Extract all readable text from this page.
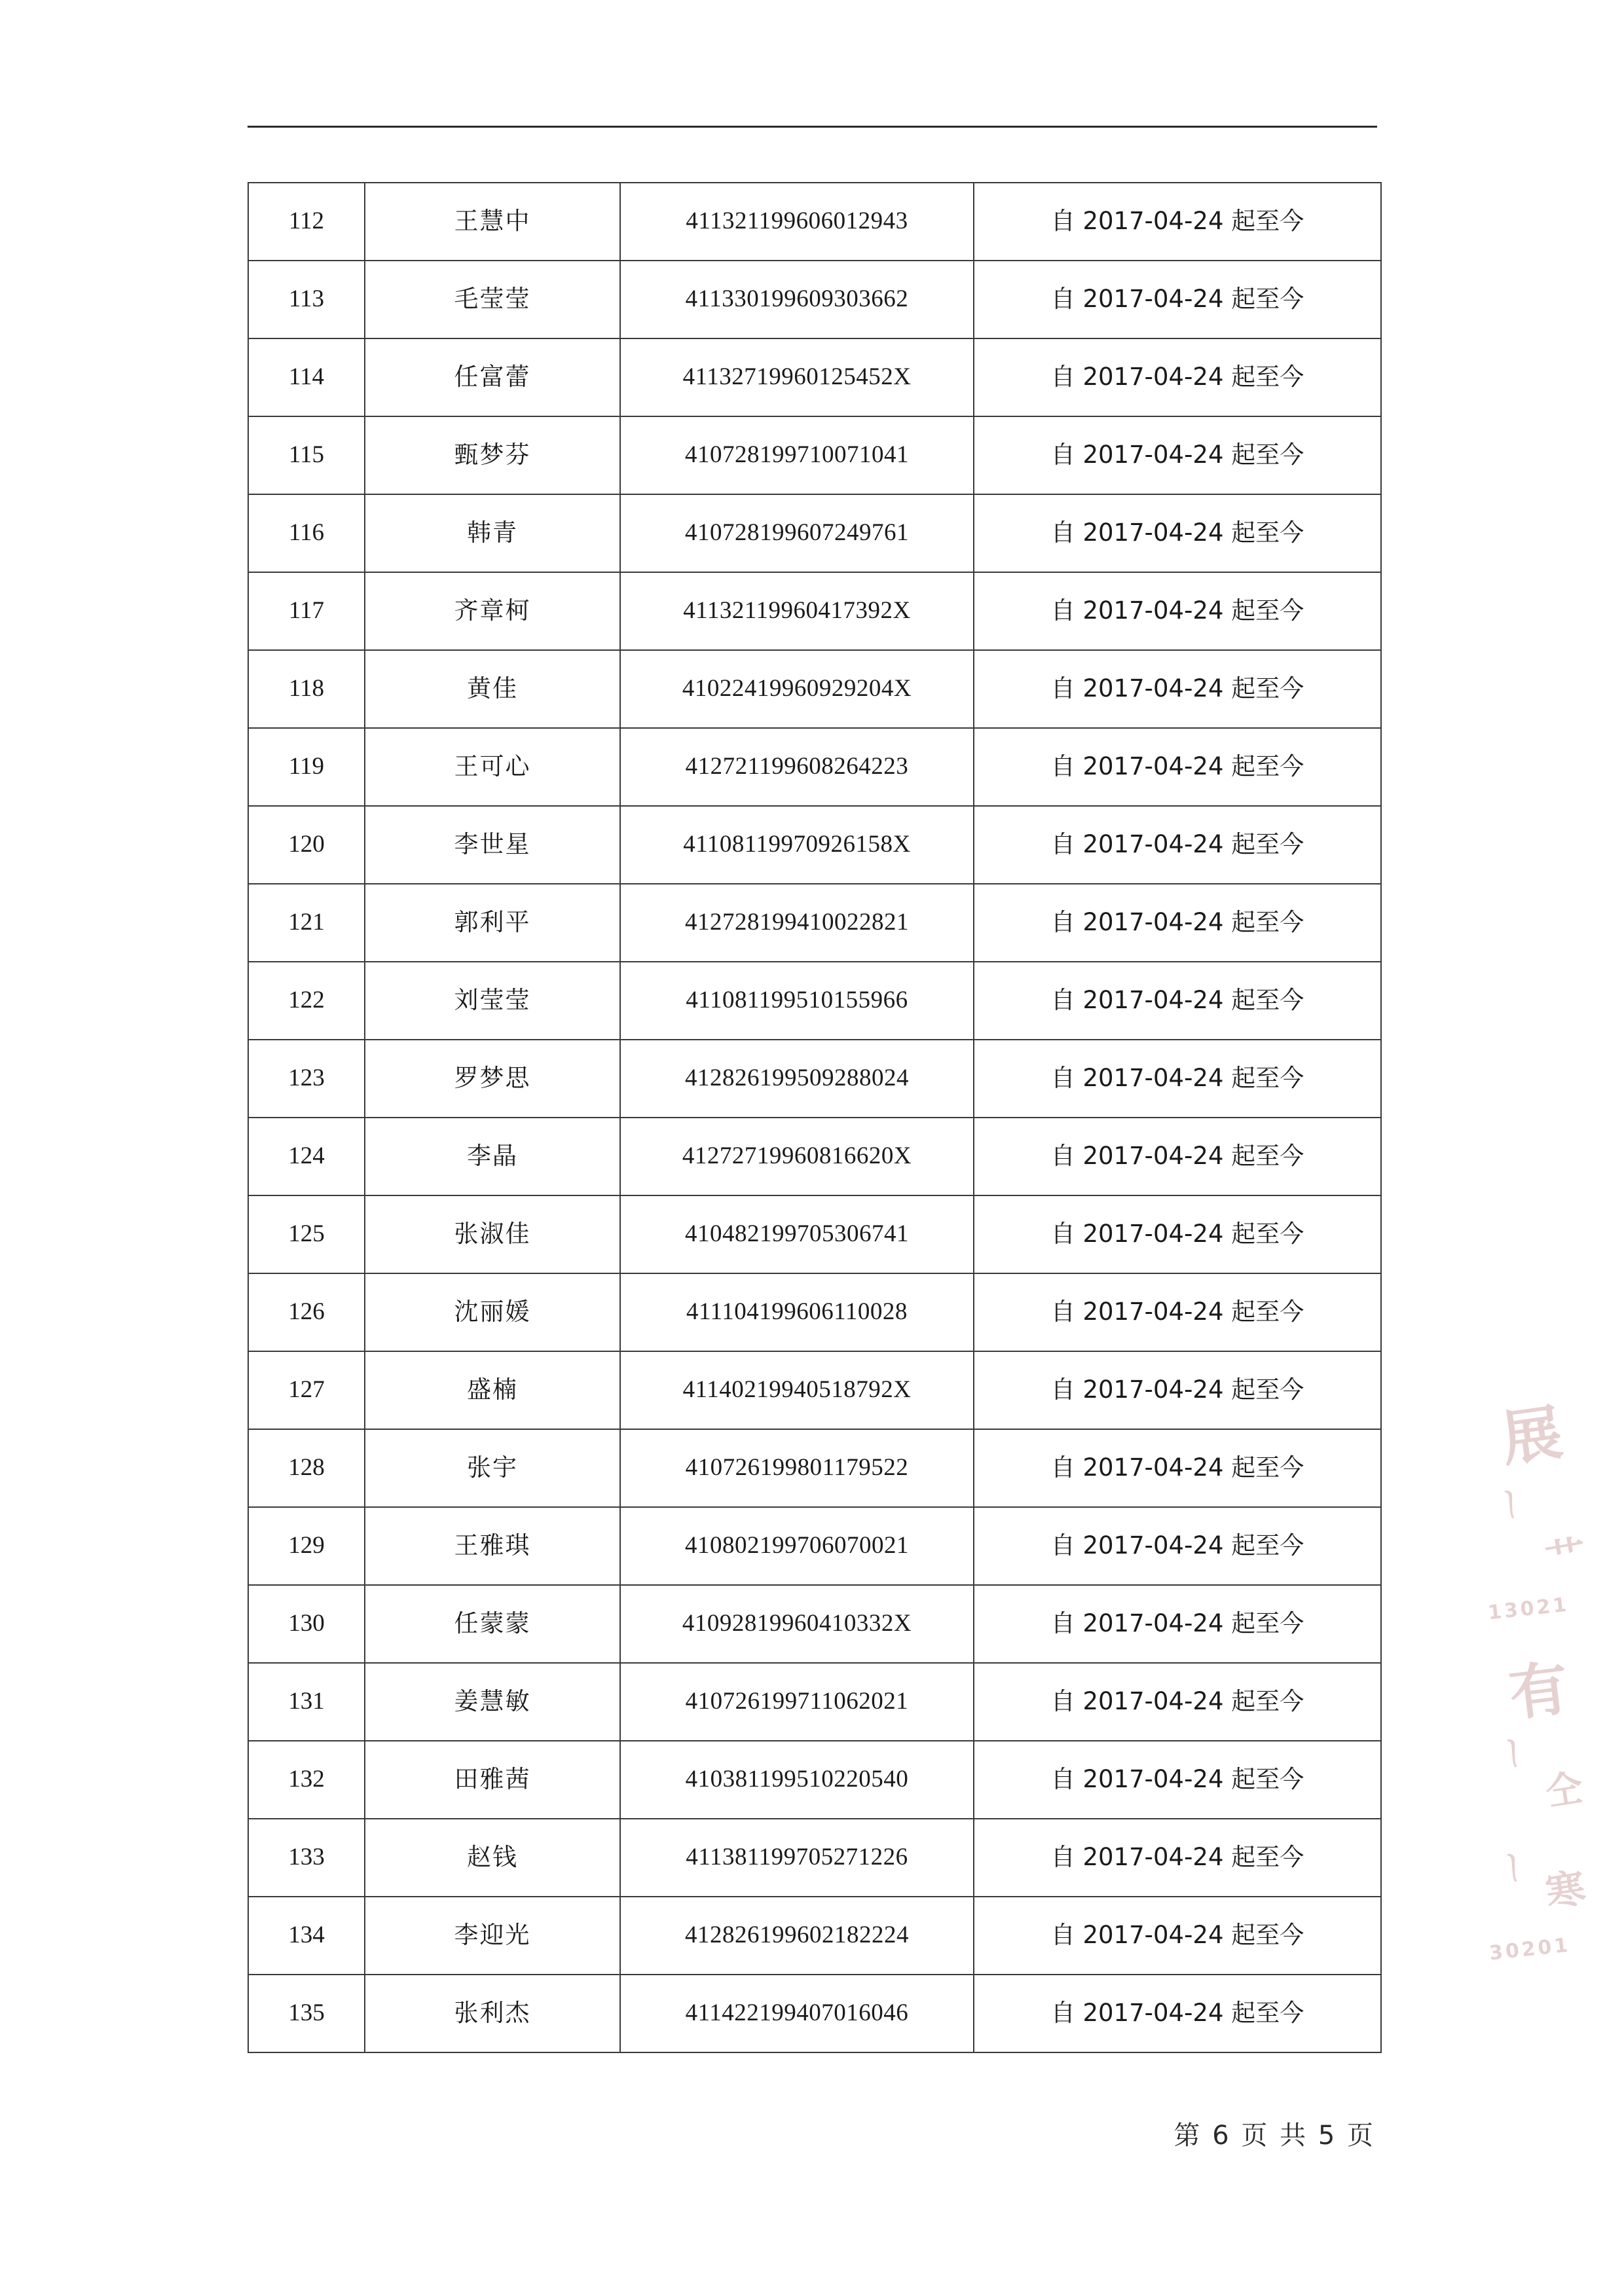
112	王慧中	411321199606012943	自 2017-04-24 起至今
113	毛莹莹	411330199609303662	自 2017-04-24 起至今
114	任富蕾	41132719960125452X	自 2017-04-24 起至今
115	甄梦芬	410728199710071041	自 2017-04-24 起至今
116	韩青	410728199607249761	自 2017-04-24 起至今
117	齐章柯	41132119960417392X	自 2017-04-24 起至今
118	黄佳	41022419960929204X	自 2017-04-24 起至今
119	王可心	412721199608264223	自 2017-04-24 起至今
120	李世星	41108119970926158X	自 2017-04-24 起至今
121	郭利平	412728199410022821	自 2017-04-24 起至今
122	刘莹莹	411081199510155966	自 2017-04-24 起至今
123	罗梦思	412826199509288024	自 2017-04-24 起至今
124	李晶	41272719960816620X	自 2017-04-24 起至今
125	张淑佳	410482199705306741	自 2017-04-24 起至今
126	沈丽媛	411104199606110028	自 2017-04-24 起至今
127	盛楠	41140219940518792X	自 2017-04-24 起至今
128	张宇	410726199801179522	自 2017-04-24 起至今
129	王雅琪	410802199706070021	自 2017-04-24 起至今
130	任蒙蒙	41092819960410332X	自 2017-04-24 起至今
131	姜慧敏	410726199711062021	自 2017-04-24 起至今
132	田雅茜	410381199510220540	自 2017-04-24 起至今
133	赵钱	411381199705271226	自 2017-04-24 起至今
134	李迎光	412826199602182224	自 2017-04-24 起至今
135	张利杰	411422199407016046	自 2017-04-24 起至今
第 6 页 共 5 页
展
〳
艹
13021
有
〳
仝
〳 寒
30201
